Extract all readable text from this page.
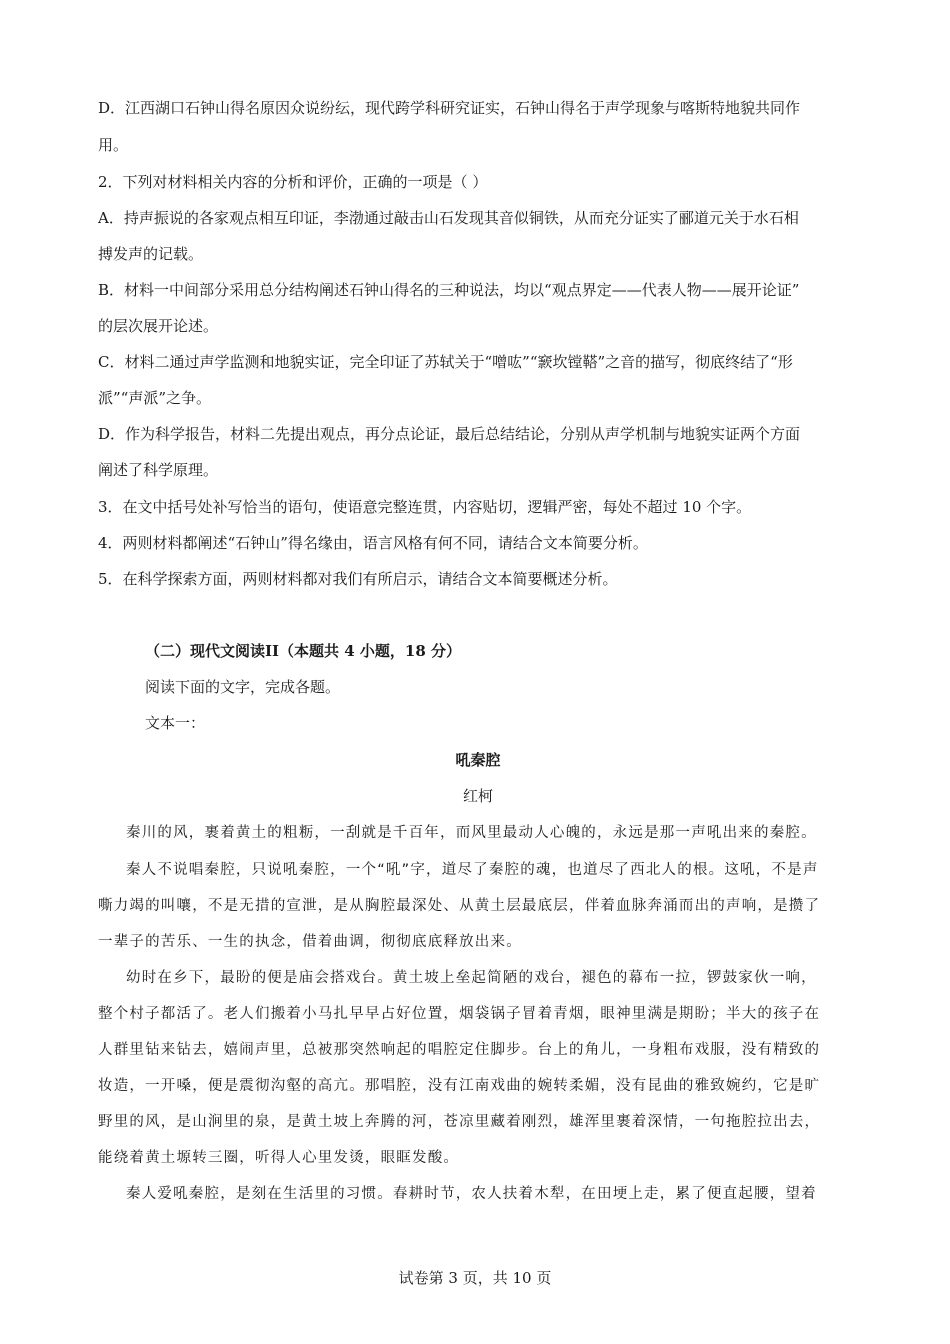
D．江西湖口石钟山得名原因众说纷纭，现代跨学科研究证实，石钟山得名于声学现象与喀斯特地貌共同作
用。
2．下列对材料相关内容的分析和评价，正确的一项是（ ）
A．持声振说的各家观点相互印证，李渤通过敲击山石发现其音似铜铁，从而充分证实了郦道元关于水石相
搏发声的记载。
B．材料一中间部分采用总分结构阐述石钟山得名的三种说法，均以“观点界定——代表人物——展开论证”
的层次展开论述。
C．材料二通过声学监测和地貌实证，完全印证了苏轼关于“噌吰”“窾坎镗鞳”之音的描写，彻底终结了“形
派”“声派”之争。
D．作为科学报告，材料二先提出观点，再分点论证，最后总结结论，分别从声学机制与地貌实证两个方面
阐述了科学原理。
3．在文中括号处补写恰当的语句，使语意完整连贯，内容贴切，逻辑严密，每处不超过 10 个字。
4．两则材料都阐述“石钟山”得名缘由，语言风格有何不同，请结合文本简要分析。
5．在科学探索方面，两则材料都对我们有所启示，请结合文本简要概述分析。
（二）现代文阅读II（本题共 4 小题，18 分）
阅读下面的文字，完成各题。
文本一：
吼秦腔
红柯
秦川的风，裹着黄土的粗粝，一刮就是千百年，而风里最动人心魄的，永远是那一声吼出来的秦腔。
秦人不说唱秦腔，只说吼秦腔，一个“吼”字，道尽了秦腔的魂，也道尽了西北人的根。这吼，不是声
嘶力竭的叫嚷，不是无措的宣泄，是从胸腔最深处、从黄土层最底层，伴着血脉奔涌而出的声响，是攒了
一辈子的苦乐、一生的执念，借着曲调，彻彻底底释放出来。
幼时在乡下，最盼的便是庙会搭戏台。黄土坡上垒起简陋的戏台，褪色的幕布一拉，锣鼓家伙一响，
整个村子都活了。老人们搬着小马扎早早占好位置，烟袋锅子冒着青烟，眼神里满是期盼；半大的孩子在
人群里钻来钻去，嬉闹声里，总被那突然响起的唱腔定住脚步。台上的角儿，一身粗布戏服，没有精致的
妆造，一开嗓，便是震彻沟壑的高亢。那唱腔，没有江南戏曲的婉转柔媚，没有昆曲的雅致婉约，它是旷
野里的风，是山涧里的泉，是黄土坡上奔腾的河，苍凉里藏着刚烈，雄浑里裹着深情，一句拖腔拉出去，
能绕着黄土塬转三圈，听得人心里发烫，眼眶发酸。
秦人爱吼秦腔，是刻在生活里的习惯。春耕时节，农人扶着木犁，在田埂上走，累了便直起腰，望着
试卷第 3 页，共 10 页
